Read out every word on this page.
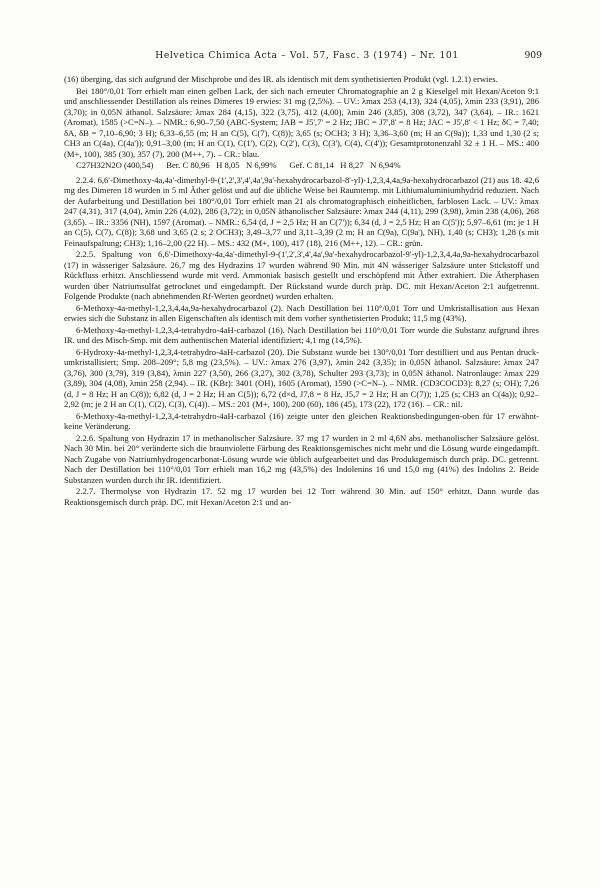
Helvetica Chimica Acta – Vol. 57, Fasc. 3 (1974) – Nr. 101	909

(16) überging, das sich aufgrund der Mischprobe und des IR. als identisch mit dem synthetisierten Produkt (vgl. 1.2.1) erwies.

Bei 180°/0,01 Torr erhielt man einen gelben Lack, der sich nach erneuter Chromatographie an 2 g Kieselgel mit Hexan/Aceton 9:1 und anschliessender Destillation als reines Dimeres 19 erwies: 31 mg (2,5%). – UV.: λmax 253 (4,13), 324 (4,05), λmin 233 (3,91), 286 (3,70); in 0,05N äthanol. Salzsäure: λmax 284 (4,15), 322 (3,75), 412 (4,00), λmin 246 (3,85), 308 (3,72), 347 (3,64). – IR.: 1621 (Aromat), 1585 (>C=N–). – NMR.: 6,90–7,50 (ABC-System; JAB = J5',7' = 2 Hz; JBC = J7',8' = 8 Hz; JAC = J5',8' < 1 Hz; δC = 7,40; δA, δB = 7,10–6,90; 3 H); 6,33–6,55 (m; H an C(5), C(7), C(8)); 3,65 (s; OCH3; 3 H); 3,36–3,60 (m; H an C(9a)); 1,33 und 1,30 (2 s; CH3 an C(4a), C(4a')); 0,91–3,00 (m; H an C(1), C(1'), C(2), C(2'), C(3), C(3'), C(4), C(4')); Gesamtprotonenzahl 32 ± 1 H. – MS.: 400 (M+, 100), 385 (30), 357 (7), 200 (M++, 7). – CR.: blau.

C27H32N2O (400,54)      Ber. C 80,96   H 8,05   N 6,99%      Gef. C 81,14   H 8,27   N 6,94%

2.2.4. 6,6'-Dimethoxy-4a,4a'-dimethyl-9-(1',2',3',4',4a',9a'-hexahydrocarbazol-8'-yl)-1,2,3,4,4a,9a-hexahydrocarbazol (21) aus 18. 42,6 mg des Dimeren 18 wurden in 5 ml Äther gelöst und auf die übliche Weise bei Raumtemp. mit Lithiumaluminiumhydrid reduziert. Nach der Aufarbeitung und Destillation bei 180°/0,01 Torr erhielt man 21 als chromatographisch einheitlichen, farblosen Lack. – UV.: λmax 247 (4,31), 317 (4,04), λmin 226 (4,02), 286 (3,72); in 0,05N äthanolischer Salzsäure: λmax 244 (4,11), 299 (3,98), λmin 238 (4,06), 268 (3,65). – IR.: 3356 (NH), 1597 (Aromat). – NMR.: 6,54 (d, J = 2,5 Hz; H an C(7')); 6,34 (d, J = 2,5 Hz; H an C(5')); 5,97–6,61 (m; je 1 H an C(5), C(7), C(8)); 3,68 und 3,65 (2 s; 2 OCH3); 3,49–3,77 und 3,11–3,39 (2 m; H an C(9a), C(9a'), NH), 1,40 (s; CH3); 1,28 (s mit Feinaufspaltung; CH3); 1,16–2,00 (22 H). – MS.: 432 (M+, 100), 417 (18), 216 (M++, 12). – CR.: grün.

2.2.5. Spaltung von 6,6'-Dimethoxy-4a,4a'-dimethyl-9-(1',2',3',4',4a',9a'-hexahydrocarbazol-9'-yl)-1,2,3,4,4a,9a-hexahydrocarbazol (17) in wässeriger Salzsäure. 26,7 mg des Hydrazins 17 wurden während 90 Min. mit 4N wässeriger Salzsäure unter Stickstoff und Rückfluss erhitzt. Anschliessend wurde mit verd. Ammoniak basisch gestellt und erschöpfend mit Äther extrahiert. Die Ätherphasen wurden über Natriumsulfat getrocknet und eingedampft. Der Rückstand wurde durch präp. DC. mit Hexan/Aceton 2:1 aufgetrennt. Folgende Produkte (nach abnehmenden Rf-Werten geordnet) wurden erhalten.

6-Methoxy-4a-methyl-1,2,3,4,4a,9a-hexahydrocarbazol (2). Nach Destillation bei 110°/0,01 Torr und Umkristallisation aus Hexan erwies sich die Substanz in allen Eigenschaften als identisch mit dem vorher synthetisierten Produkt; 11,5 mg (43%).

6-Methoxy-4a-methyl-1,2,3,4-tetrahydro-4aH-carbazol (16). Nach Destillation bei 110°/0,01 Torr wurde die Substanz aufgrund ihres IR. und des Misch-Smp. mit dem authentischen Material identifiziert; 4,1 mg (14,5%).

6-Hydroxy-4a-methyl-1,2,3,4-tetrahydro-4aH-carbazol (20). Die Substanz wurde bei 130°/0,01 Torr destilliert und aus Pentan druck-umkristallisiert; Smp. 208–209°; 5,8 mg (23,5%). – UV.: λmax 276 (3,97), λmin 242 (3,35); in 0,05N äthanol. Salzsäure: λmax 247 (3,76), 300 (3,79), 319 (3,84), λmin 227 (3,50), 266 (3,27), 302 (3,78), Schulter 293 (3,73); in 0,05N äthanol. Natronlauge: λmax 229 (3,89), 304 (4,08), λmin 258 (2,94). – IR. (KBr): 3401 (OH), 1605 (Aromat), 1590 (>C=N–). – NMR. (CD3COCD3): 8,27 (s; OH); 7,26 (d, J = 8 Hz; H an C(8)); 6,82 (d, J = 2 Hz; H an C(5)); 6,72 (d×d, J7,8 = 8 Hz, J5,7 = 2 Hz; H an C(7)); 1,25 (s; CH3 an C(4a)); 0,92–2,92 (m; je 2 H an C(1), C(2), C(3), C(4)). – MS.: 201 (M+, 100), 200 (60), 186 (45), 173 (22), 172 (16). – CR.: nil.

6-Methoxy-4a-methyl-1,2,3,4-tetrahydro-4aH-carbazol (16) zeigte unter den gleichen Reaktionsbedingungen-oben für 17 erwähnt-keine Veränderung.

2.2.6. Spaltung von Hydrazin 17 in methanolischer Salzsäure. 37 mg 17 wurden in 2 ml 4,6N abs. methanolischer Salzsäure gelöst. Nach 30 Min. bei 20° veränderte sich die braunviolette Färbung des Reaktionsgemisches nicht mehr und die Lösung wurde eingedampft. Nach Zugabe von Natriumhydrogencarbonat-Lösung wurde wie üblich aufgearbeitet und das Produktgemisch durch präp. DC. getrennt. Nach der Destillation bei 110°/0,01 Torr erhielt man 16,2 mg (43,5%) des Indolenins 16 und 15,0 mg (41%) des Indolins 2. Beide Substanzen wurden durch ihr IR. identifiziert.

2.2.7. Thermolyse von Hydrazin 17. 52 mg 17 wurden bei 12 Torr während 30 Min. auf 150° erhitzt. Dann wurde das Reaktionsgemisch durch präp. DC. mit Hexan/Aceton 2:1 und an-
